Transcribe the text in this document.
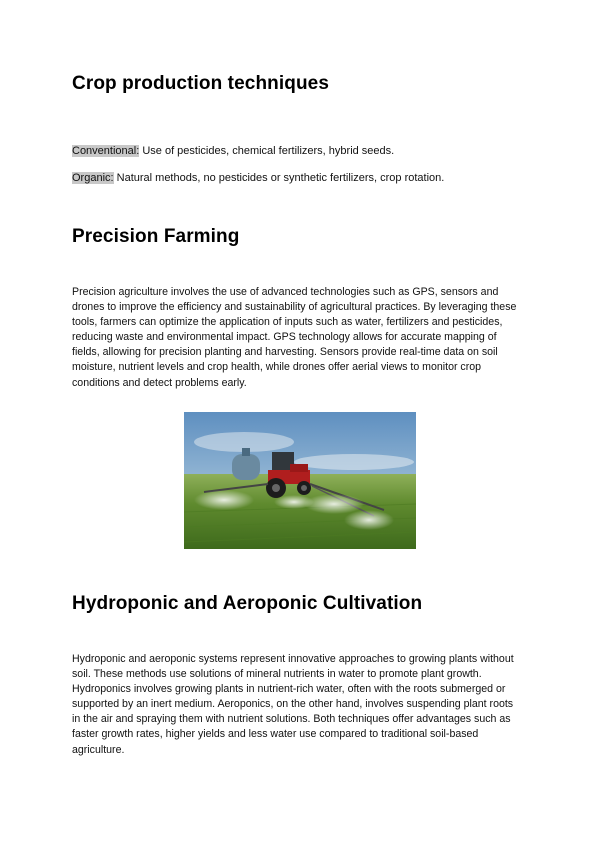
Crop production techniques
Conventional: Use of pesticides, chemical fertilizers, hybrid seeds.
Organic: Natural methods, no pesticides or synthetic fertilizers, crop rotation.
Precision Farming

Precision agriculture involves the use of advanced technologies such as GPS, sensors and drones to improve the efficiency and sustainability of agricultural practices. By leveraging these tools, farmers can optimize the application of inputs such as water, fertilizers and pesticides, reducing waste and environmental impact. GPS technology allows for accurate mapping of fields, allowing for precision planting and harvesting. Sensors provide real-time data on soil moisture, nutrient levels and crop health, while drones offer aerial views to monitor crop conditions and detect problems early.

Hydroponic and Aeroponic Cultivation

Hydroponic and aeroponic systems represent innovative approaches to growing plants without soil. These methods use solutions of mineral nutrients in water to promote plant growth. Hydroponics involves growing plants in nutrient-rich water, often with the roots submerged or supported by an inert medium. Aeroponics, on the other hand, involves suspending plant roots in the air and spraying them with nutrient solutions. Both techniques offer advantages such as faster growth rates, higher yields and less water use compared to traditional soil-based agriculture.
